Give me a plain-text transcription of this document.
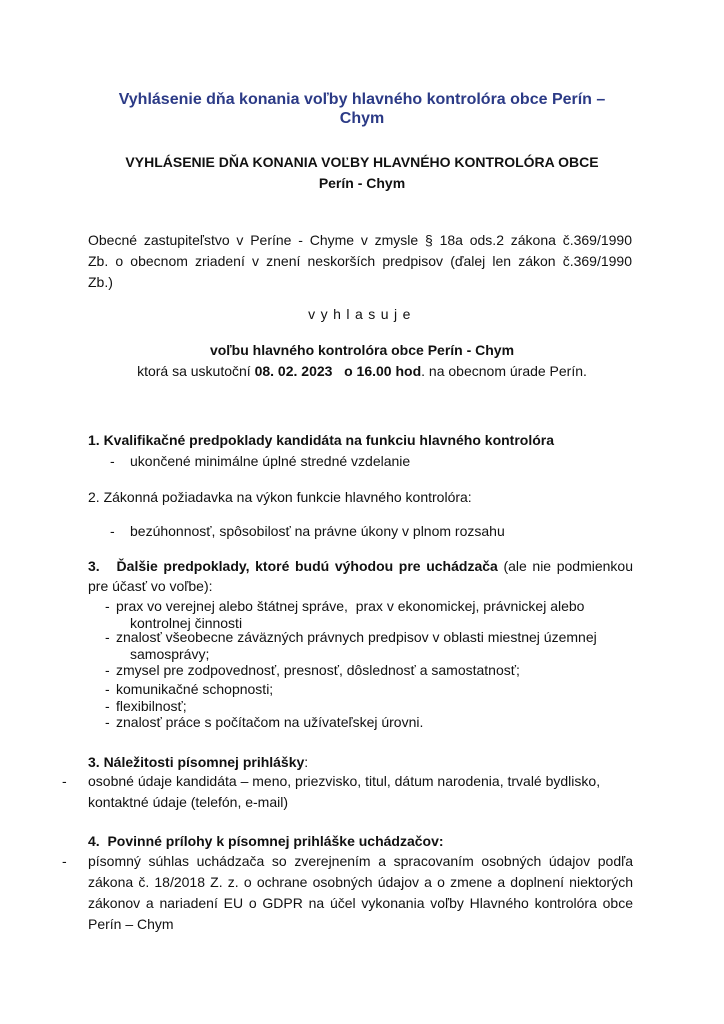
Vyhlásenie dňa konania voľby hlavného kontrolóra obce Perín –
Chym
VYHLÁSENIE DŇA KONANIA VOĽBY HLAVNÉHO KONTROLÓRA OBCE
Perín - Chym
Obecné zastupiteľstvo v Períne - Chyme v zmysle § 18a ods.2 zákona č.369/1990
Zb. o obecnom zriadení v znení neskorších predpisov (ďalej len zákon č.369/1990
Zb.)
vyhlasuje
voľbu hlavného kontrolóra obce Perín - Chym
ktorá sa uskutoční 08. 02. 2023   o 16.00 hod. na obecnom úrade Perín.
1. Kvalifikačné predpoklady kandidáta na funkciu hlavného kontrolóra
- ukončené minimálne úplné stredné vzdelanie
2. Zákonná požiadavka na výkon funkcie hlavného kontrolóra:
- bezúhonnosť, spôsobilosť na právne úkony v plnom rozsahu
3.   Ďalšie predpoklady, ktoré budú výhodou pre uchádzača (ale nie podmienkou
pre účasť vo voľbe):
- prax vo verejnej alebo štátnej správe,  prax v ekonomickej, právnickej alebo
kontrolnej činnosti
- znalosť všeobecne záväzných právnych predpisov v oblasti miestnej územnej
samosprávy;
- zmysel pre zodpovednosť, presnosť, dôslednosť a samostatnosť;
- komunikačné schopnosti;
- flexibilnosť;
- znalosť práce s počítačom na užívateľskej úrovni.
3. Náležitosti písomnej prihlášky:
- osobné údaje kandidáta – meno, priezvisko, titul, dátum narodenia, trvalé bydlisko,
kontaktné údaje (telefón, e-mail)
4.  Povinné prílohy k písomnej prihláške uchádzačov:
- písomný súhlas uchádzača so zverejnením a spracovaním osobných údajov podľa
zákona č. 18/2018 Z. z. o ochrane osobných údajov a o zmene a doplnení niektorých
zákonov a nariadení EU o GDPR na účel vykonania voľby Hlavného kontrolóra obce
Perín – Chym
